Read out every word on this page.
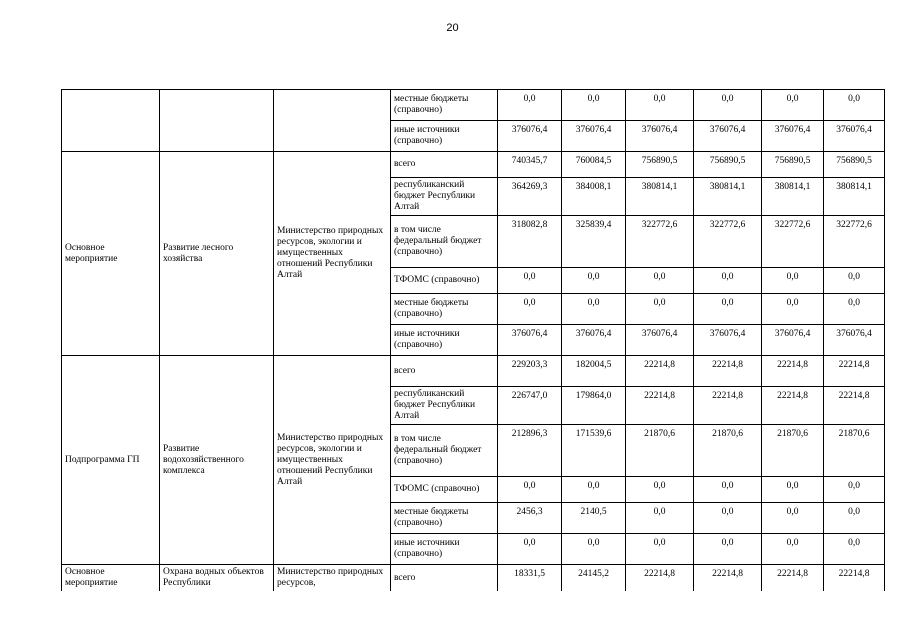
20
			местные бюджеты (справочно)	0,0	0,0	0,0	0,0	0,0	0,0
			иные источники (справочно)	376076,4	376076,4	376076,4	376076,4	376076,4	376076,4
Основное мероприятие	Развитие лесного хозяйства	Министерство природных ресурсов, экологии и имущественных отношений Республики Алтай	всего	740345,7	760084,5	756890,5	756890,5	756890,5	756890,5
			республиканский бюджет Республики Алтай	364269,3	384008,1	380814,1	380814,1	380814,1	380814,1
			в том числе федеральный бюджет (справочно)	318082,8	325839,4	322772,6	322772,6	322772,6	322772,6
			ТФОМС (справочно)	0,0	0,0	0,0	0,0	0,0	0,0
			местные бюджеты (справочно)	0,0	0,0	0,0	0,0	0,0	0,0
			иные источники (справочно)	376076,4	376076,4	376076,4	376076,4	376076,4	376076,4
Подпрограмма ГП	Развитие водохозяйственного комплекса	Министерство природных ресурсов, экологии и имущественных отношений Республики Алтай	всего	229203,3	182004,5	22214,8	22214,8	22214,8	22214,8
			республиканский бюджет Республики Алтай	226747,0	179864,0	22214,8	22214,8	22214,8	22214,8
			в том числе федеральный бюджет (справочно)	212896,3	171539,6	21870,6	21870,6	21870,6	21870,6
			ТФОМС (справочно)	0,0	0,0	0,0	0,0	0,0	0,0
			местные бюджеты (справочно)	2456,3	2140,5	0,0	0,0	0,0	0,0
			иные источники (справочно)	0,0	0,0	0,0	0,0	0,0	0,0
Основное мероприятие	Охрана водных объектов Республики	Министерство природных ресурсов,	всего	18331,5	24145,2	22214,8	22214,8	22214,8	22214,8
